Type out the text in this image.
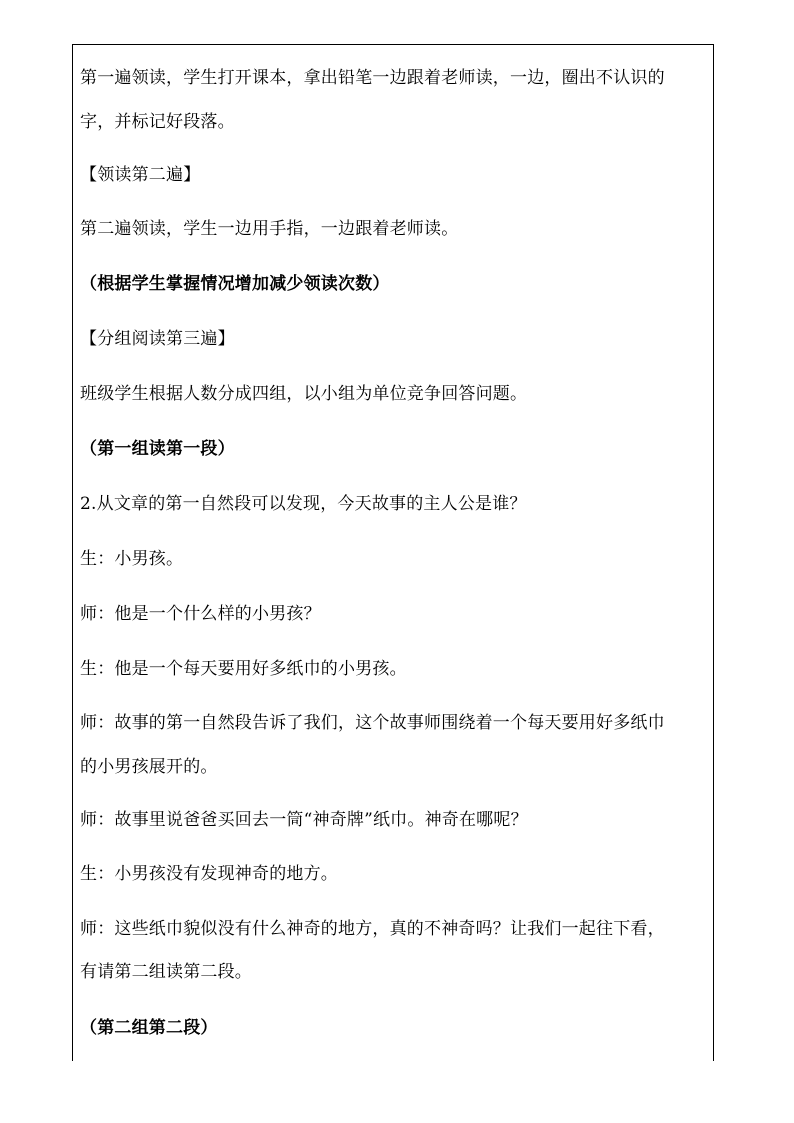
第一遍领读，学生打开课本，拿出铅笔一边跟着老师读，一边，圈出不认识的
字，并标记好段落。
【领读第二遍】
第二遍领读，学生一边用手指，一边跟着老师读。
（根据学生掌握情况增加减少领读次数）
【分组阅读第三遍】
班级学生根据人数分成四组，以小组为单位竞争回答问题。
（第一组读第一段）
2.从文章的第一自然段可以发现，今天故事的主人公是谁？
生：小男孩。
师：他是一个什么样的小男孩？
生：他是一个每天要用好多纸巾的小男孩。
师：故事的第一自然段告诉了我们，这个故事师围绕着一个每天要用好多纸巾
的小男孩展开的。
师：故事里说爸爸买回去一筒“神奇牌”纸巾。神奇在哪呢？
生：小男孩没有发现神奇的地方。
师：这些纸巾貌似没有什么神奇的地方，真的不神奇吗？让我们一起往下看，
有请第二组读第二段。
（第二组第二段）
